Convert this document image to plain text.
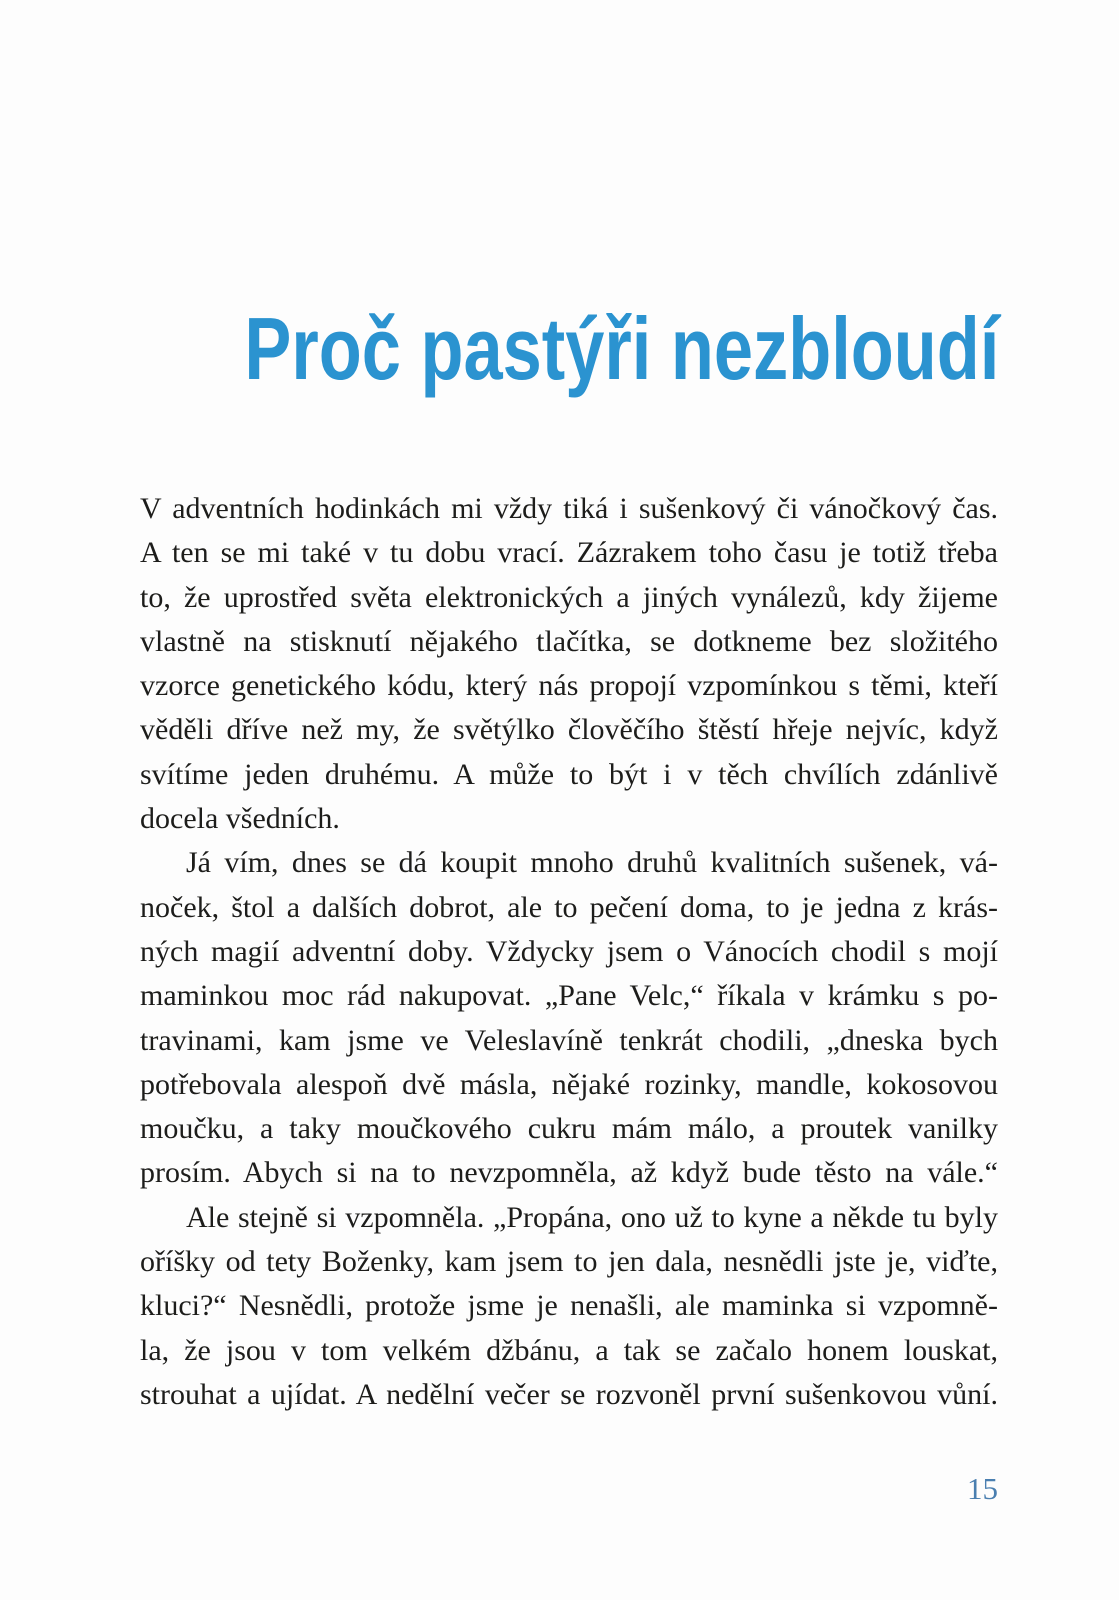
Proč pastýři nezbloudí
V adventních hodinkách mi vždy tiká i sušenkový či vánočkový čas.
A ten se mi také v tu dobu vrací. Zázrakem toho času je totiž třeba
to, že uprostřed světa elektronických a jiných vynálezů, kdy žijeme
vlastně na stisknutí nějakého tlačítka, se dotkneme bez složitého
vzorce genetického kódu, který nás propojí vzpomínkou s těmi, kteří
věděli dříve než my, že světýlko člověčího štěstí hřeje nejvíc, když
svítíme jeden druhému. A může to být i v těch chvílích zdánlivě
docela všedních.
Já vím, dnes se dá koupit mnoho druhů kvalitních sušenek, vá-
noček, štol a dalších dobrot, ale to pečení doma, to je jedna z krás-
ných magií adventní doby. Vždycky jsem o Vánocích chodil s mojí
maminkou moc rád nakupovat. „Pane Velc,“ říkala v krámku s po-
travinami, kam jsme ve Veleslavíně tenkrát chodili, „dneska bych
potřebovala alespoň dvě másla, nějaké rozinky, mandle, kokosovou
moučku, a taky moučkového cukru mám málo, a proutek vanilky
prosím. Abych si na to nevzpomněla, až když bude těsto na vále.“
Ale stejně si vzpomněla. „Propána, ono už to kyne a někde tu byly
oříšky od tety Boženky, kam jsem to jen dala, nesnědli jste je, viďte,
kluci?“ Nesnědli, protože jsme je nenašli, ale maminka si vzpomně-
la, že jsou v tom velkém džbánu, a tak se začalo honem louskat,
strouhat a ujídat. A nedělní večer se rozvoněl první sušenkovou vůní.
15
